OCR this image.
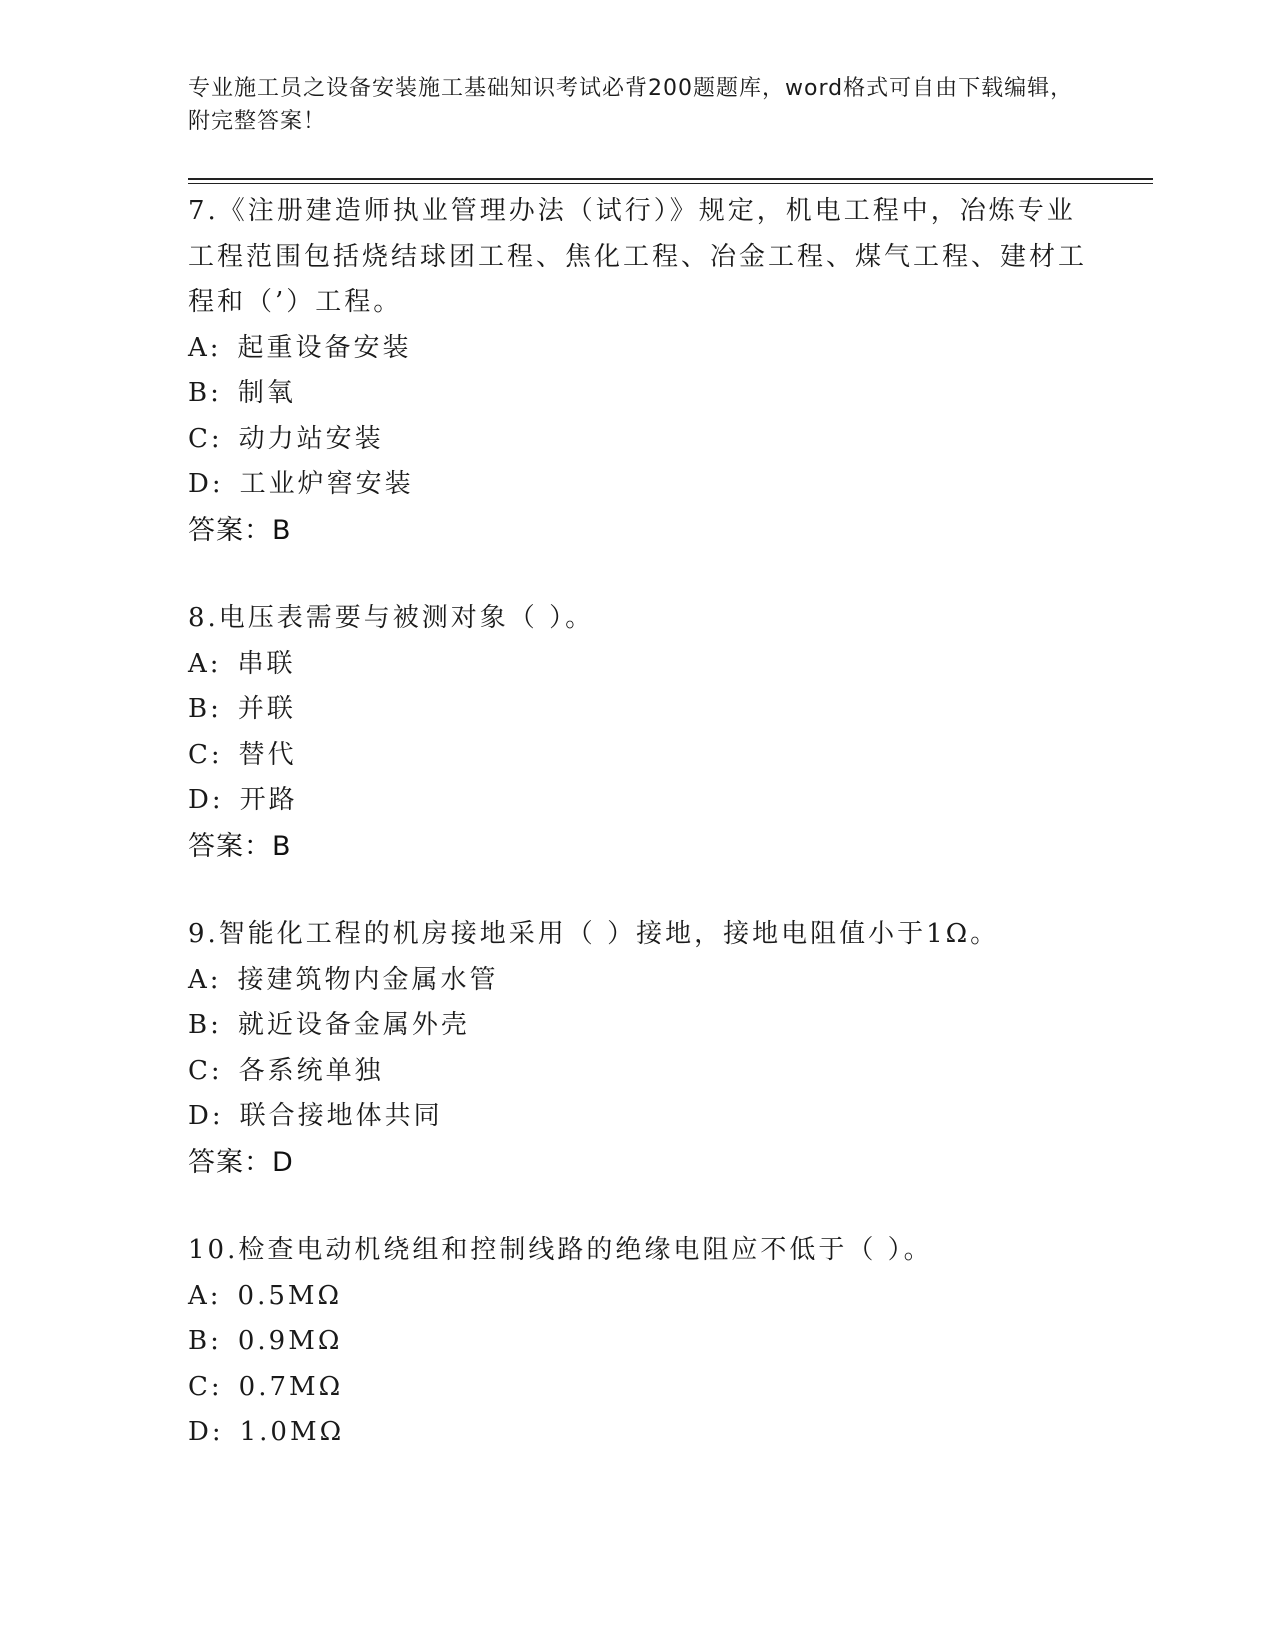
专业施工员之设备安装施工基础知识考试必背200题题库，word格式可自由下载编辑，附完整答案！

7.《注册建造师执业管理办法（试行）》规定，机电工程中，冶炼专业工程范围包括烧结球团工程、焦化工程、冶金工程、煤气工程、建材工程和（’）工程。

A: 起重设备安装

B: 制氧

C: 动力站安装

D: 工业炉窖安装

答案：B

8.电压表需要与被测对象（ ）。

A: 串联

B: 并联

C: 替代

D: 开路

答案：B

9.智能化工程的机房接地采用（ ）接地，接地电阻值小于1Ω。

A: 接建筑物内金属水管

B: 就近设备金属外壳

C: 各系统单独

D: 联合接地体共同

答案：D

10.检查电动机绕组和控制线路的绝缘电阻应不低于（ ）。

A: 0.5MΩ

B: 0.9MΩ

C: 0.7MΩ

D: 1.0MΩ
